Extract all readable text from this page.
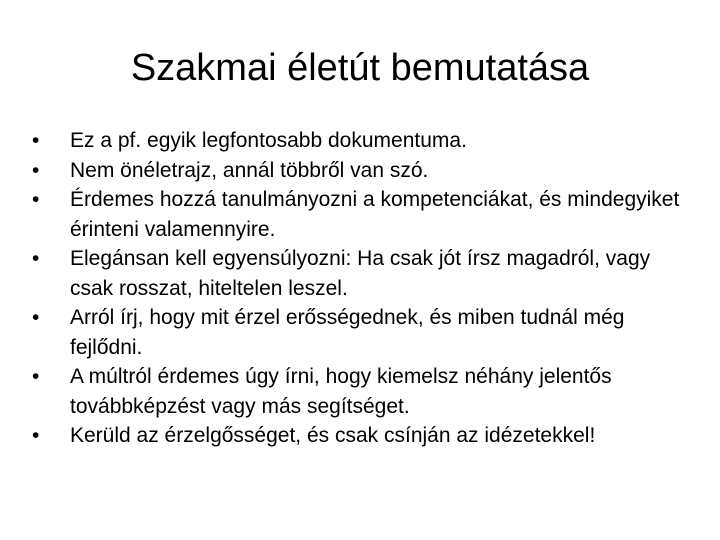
Szakmai életút bemutatása
•	Ez a pf. egyik legfontosabb dokumentuma.
•	Nem önéletrajz, annál többről van szó.
•	Érdemes hozzá tanulmányozni a kompetenciákat, és mindegyiket érinteni valamennyire.
•	Elegánsan kell egyensúlyozni: Ha csak jót írsz magadról, vagy csak rosszat, hiteltelen leszel.
•	Arról írj, hogy mit érzel erősségednek, és miben tudnál még fejlődni.
•	A múltról érdemes úgy írni, hogy kiemelsz néhány jelentős továbbképzést vagy más segítséget.
•	Kerüld az érzelgősséget, és csak csínján az idézetekkel!
